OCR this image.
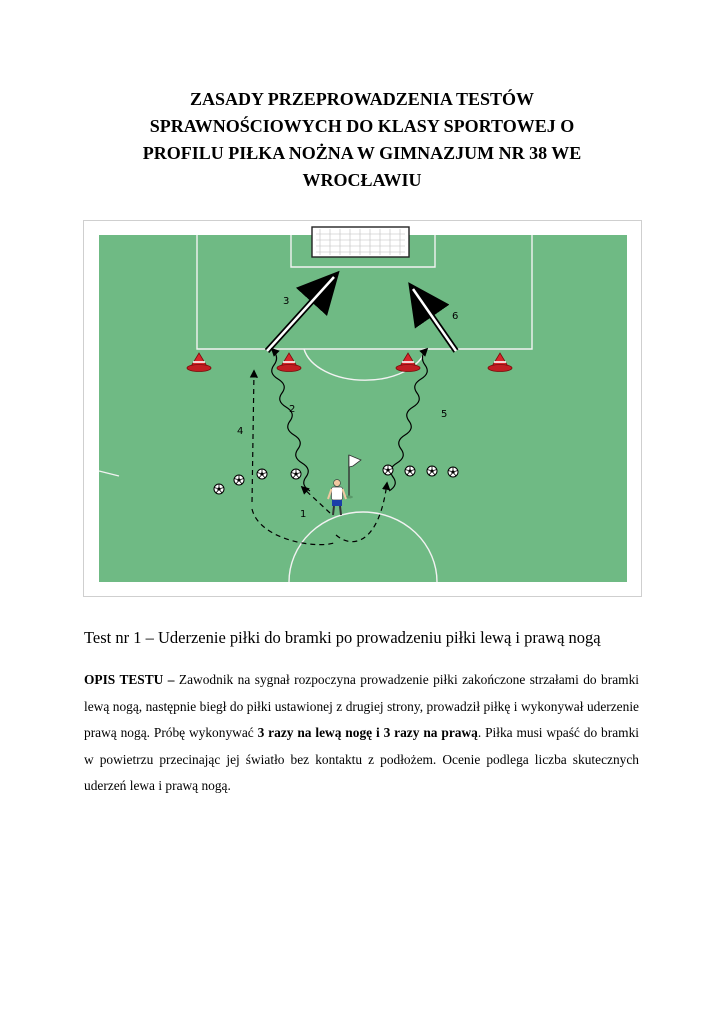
ZASADY PRZEPROWADZENIA TESTÓW
SPRAWNOŚCIOWYCH DO KLASY SPORTOWEJ O
PROFILU PIŁKA NOŻNA W GIMNAZJUM NR 38 WE
WROCŁAWIU
1
2
3
4
5
6
Test nr 1 – Uderzenie piłki do bramki po prowadzeniu piłki lewą i prawą nogą
OPIS TESTU – Zawodnik na sygnał rozpoczyna prowadzenie piłki zakończone strzałami do bramki lewą nogą, następnie biegł do piłki ustawionej z drugiej strony, prowadził piłkę i wykonywał uderzenie prawą nogą. Próbę wykonywać 3 razy na lewą nogę i 3 razy na prawą. Piłka musi wpaść do bramki w powietrzu przecinając jej światło bez kontaktu z podłożem. Ocenie podlega liczba skutecznych uderzeń lewa i prawą nogą.
